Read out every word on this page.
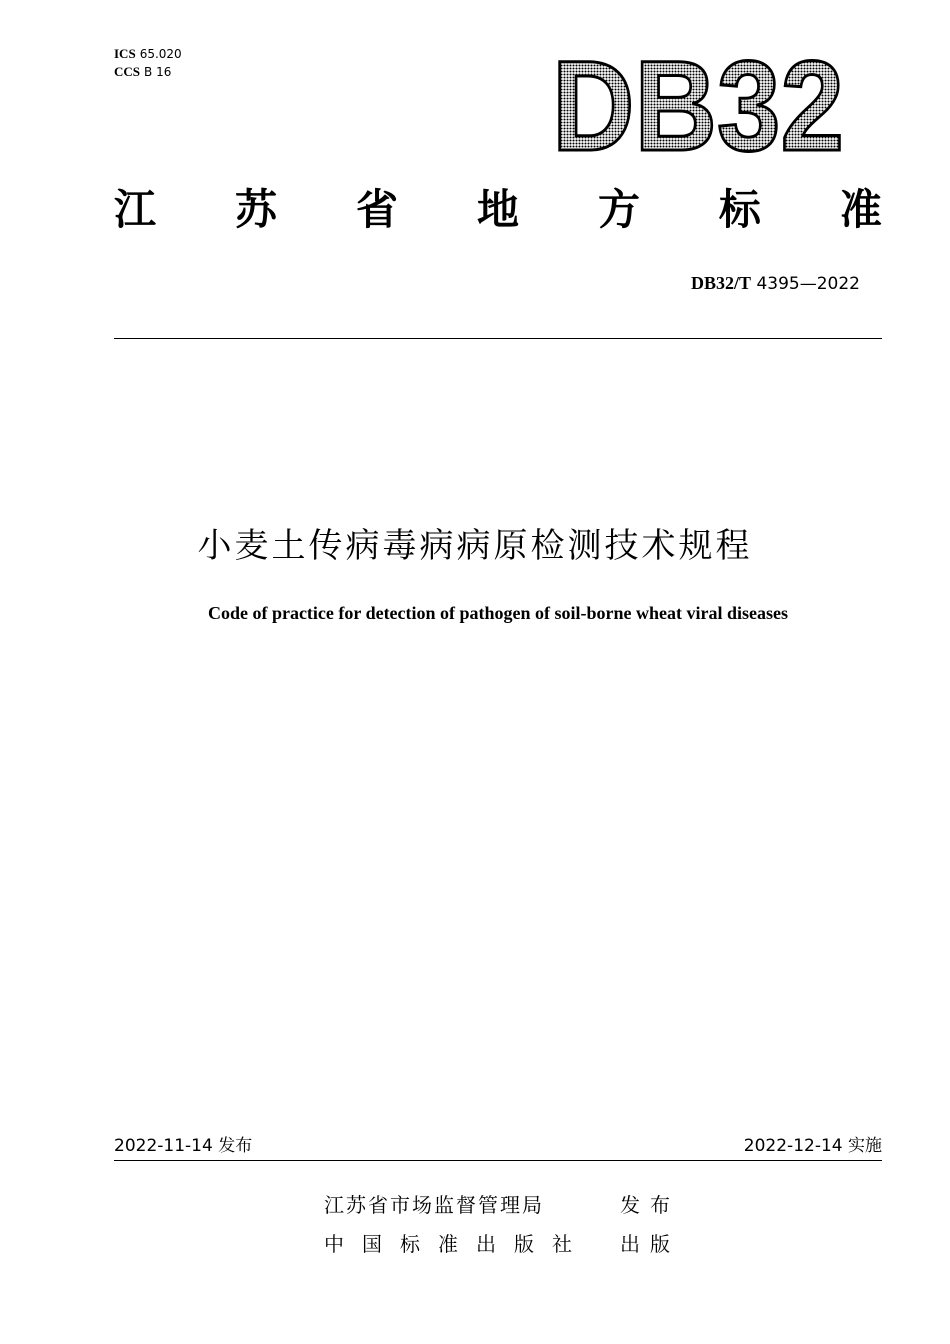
ICS 65.020
CCS B 16	DB32
江 苏 省 地 方 标 准
DB32/T 4395—2022
小麦土传病毒病病原检测技术规程
Code of practice for detection of pathogen of soil-borne wheat viral diseases
2022-11-14 发布	2022-12-14 实施
江苏省市场监督管理局	发布
中国标准出版社 出版
